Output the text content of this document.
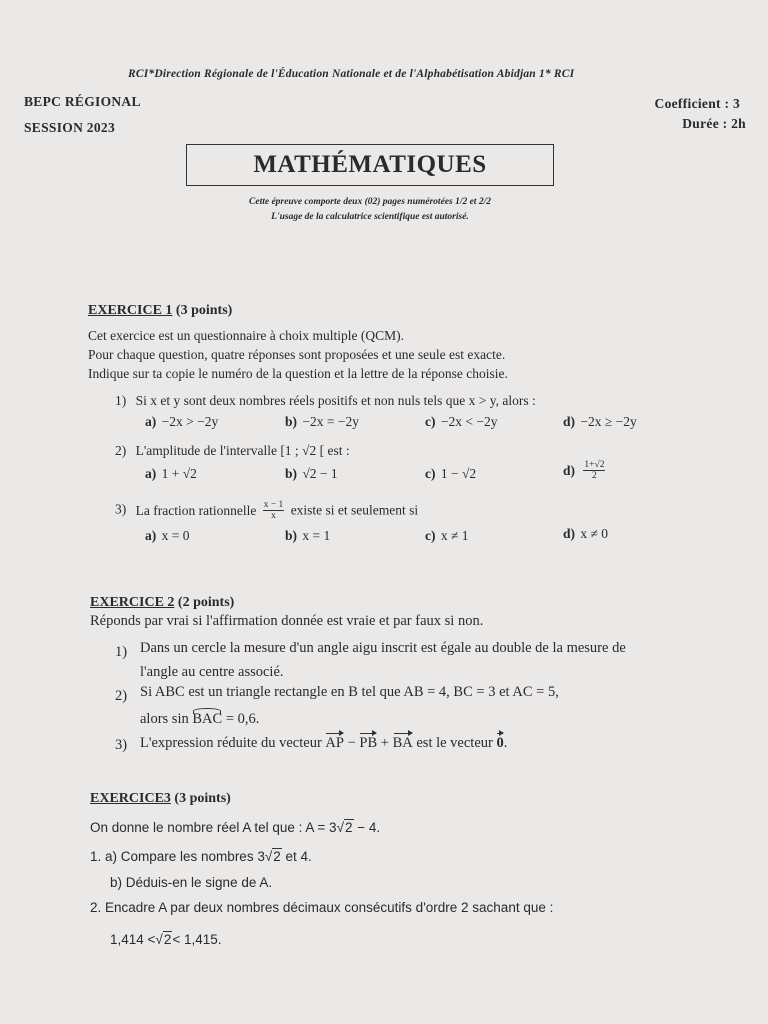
RCI*Direction Régionale de l'Éducation Nationale et de l'Alphabétisation Abidjan 1* RCI
BEPC RÉGIONAL
SESSION 2023
Coefficient : 3
Durée : 2h
MATHÉMATIQUES
Cette épreuve comporte deux (02) pages numérotées 1/2 et 2/2
L'usage de la calculatrice scientifique est autorisé.
EXERCICE 1 (3 points)
Cet exercice est un questionnaire à choix multiple (QCM).
Pour chaque question, quatre réponses sont proposées et une seule est exacte.
Indique sur ta copie le numéro de la question et la lettre de la réponse choisie.
1) Si x et y sont deux nombres réels positifs et non nuls tels que x > y, alors :
a) −2x > −2y	b) −2x = −2y	c) −2x < −2y	d) −2x ≥ −2y
2) L'amplitude de l'intervalle [1 ; √2 [ est :
a) 1 + √2	b) √2 − 1	c) 1 − √2	$d) \frac{1+√2}{2}$
3) La fraction rationnelle $\frac{x - 1}{x}$ existe si et seulement si
a) x = 0	b) x = 1	c) x ≠ 1	d) x ≠ 0
EXERCICE 2 (2 points)
Réponds par vrai si l'affirmation donnée est vraie et par faux si non.
1) Dans un cercle la mesure d'un angle aigu inscrit est égale au double de la mesure de
l'angle au centre associé.
2) Si ABC est un triangle rectangle en B tel que AB = 4, BC = 3 et AC = 5,
alors sin BAC = 0,6.
3) L'expression réduite du vecteur AP − PB + BA est le vecteur 0.
EXERCICE3 (3 points)
On donne le nombre réel A tel que : A = 3√2 − 4.
1. a) Compare les nombres 3√2 et 4.
b) Déduis-en le signe de A.
2. Encadre A par deux nombres décimaux consécutifs d'ordre 2 sachant que :
1,414 <√2< 1,415.
